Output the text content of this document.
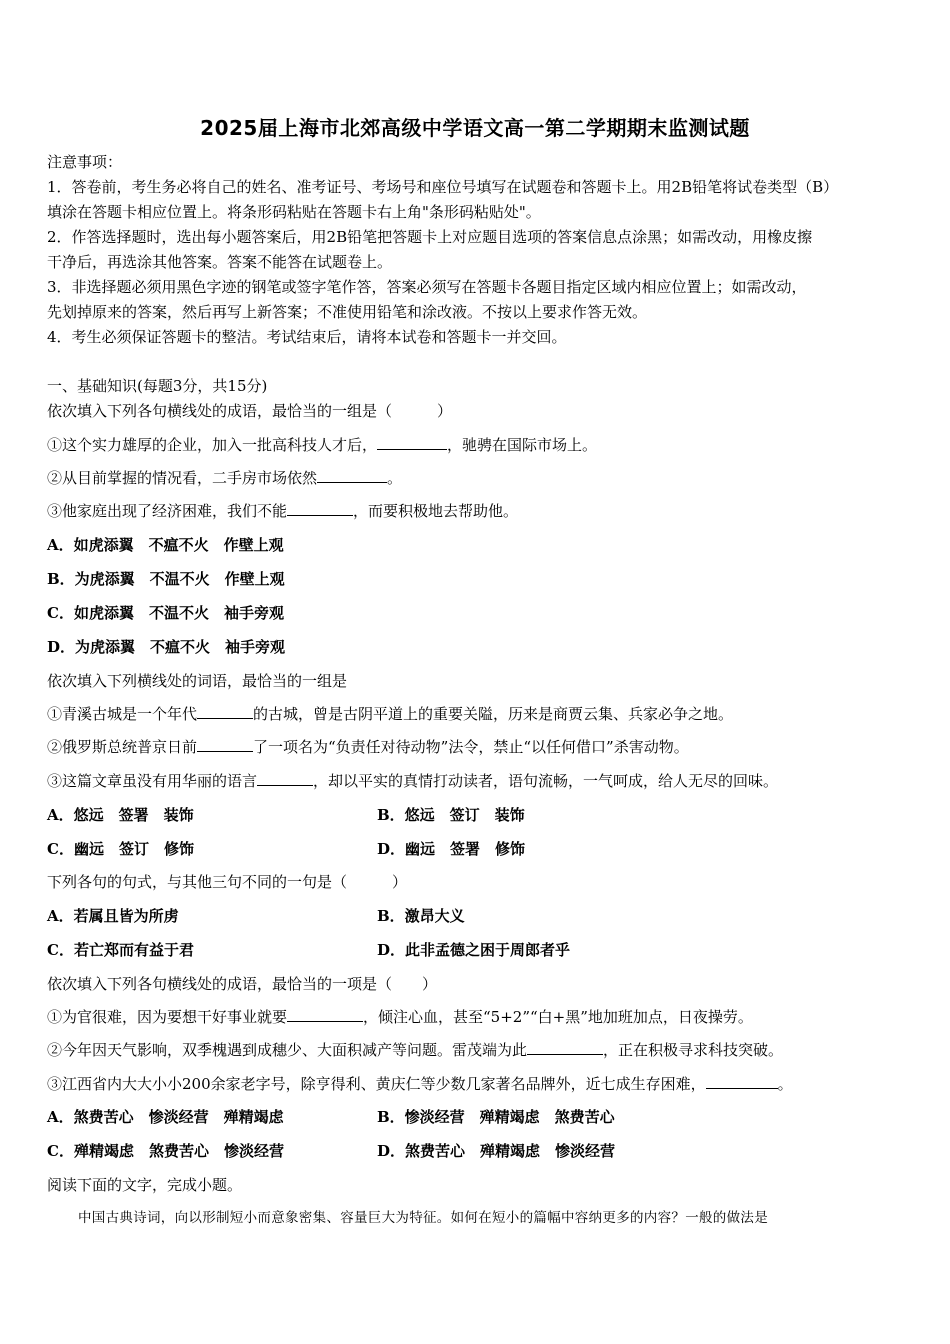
2025届上海市北郊高级中学语文高一第二学期期末监测试题
注意事项：
1．答卷前，考生务必将自己的姓名、准考证号、考场号和座位号填写在试题卷和答题卡上。用2B铅笔将试卷类型（B）
填涂在答题卡相应位置上。将条形码粘贴在答题卡右上角"条形码粘贴处"。
2．作答选择题时，选出每小题答案后，用2B铅笔把答题卡上对应题目选项的答案信息点涂黑；如需改动，用橡皮擦
干净后，再选涂其他答案。答案不能答在试题卷上。
3．非选择题必须用黑色字迹的钢笔或签字笔作答，答案必须写在答题卡各题目指定区域内相应位置上；如需改动，
先划掉原来的答案，然后再写上新答案；不准使用铅笔和涂改液。不按以上要求作答无效。
4．考生必须保证答题卡的整洁。考试结束后，请将本试卷和答题卡一并交回。
一、基础知识(每题3分，共15分)
依次填入下列各句横线处的成语，最恰当的一组是（　　　）
①这个实力雄厚的企业，加入一批高科技人才后，	，驰骋在国际市场上。
②从目前掌握的情况看，二手房市场依然	。
③他家庭出现了经济困难，我们不能	，而要积极地去帮助他。
A．如虎添翼　不瘟不火　作壁上观
B．为虎添翼　不温不火　作壁上观
C．如虎添翼　不温不火　袖手旁观
D．为虎添翼　不瘟不火　袖手旁观
依次填入下列横线处的词语，最恰当的一组是
①青溪古城是一个年代	的古城，曾是古阴平道上的重要关隘，历来是商贾云集、兵家必争之地。
②俄罗斯总统普京日前	了一项名为“负责任对待动物”法令，禁止“以任何借口”杀害动物。
③这篇文章虽没有用华丽的语言	，却以平实的真情打动读者，语句流畅，一气呵成，给人无尽的回味。
A．悠远　签署　装饰	B．悠远　签订　装饰
C．幽远　签订　修饰	D．幽远　签署　修饰
下列各句的句式，与其他三句不同的一句是（　　　）
A．若属且皆为所虏	B．激昂大义
C．若亡郑而有益于君	D．此非孟德之困于周郎者乎
依次填入下列各句横线处的成语，最恰当的一项是（　　）
①为官很难，因为要想干好事业就要	，倾注心血，甚至“5+2”“白+黑”地加班加点，日夜操劳。
②今年因天气影响，双季槐遇到成穗少、大面积减产等问题。雷茂端为此	，正在积极寻求科技突破。
③江西省内大大小小200余家老字号，除亨得利、黄庆仁等少数几家著名品牌外，近七成生存困难，	。
A．煞费苦心　惨淡经营　殚精竭虑	B．惨淡经营　殚精竭虑　煞费苦心
C．殚精竭虑　煞费苦心　惨淡经营	D．煞费苦心　殚精竭虑　惨淡经营
阅读下面的文字，完成小题。
中国古典诗词，向以形制短小而意象密集、容量巨大为特征。如何在短小的篇幅中容纳更多的内容？一般的做法是
